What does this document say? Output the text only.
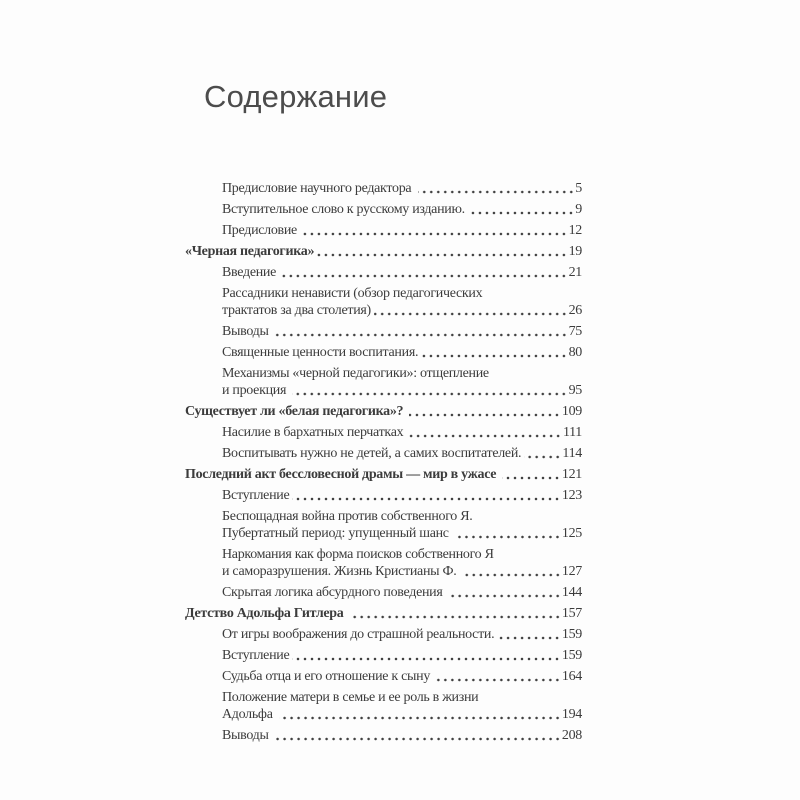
Содержание
Предисловие научного редактора	5
Вступительное слово к русскому изданию.	9
Предисловие	12
«Черная педагогика»	19
Введение	21
Рассадники ненависти (обзор педагогических
трактатов за два столетия)	26
Выводы	75
Священные ценности воспитания.	80
Механизмы «черной педагогики»: отщепление
и проекция	95
Существует ли «белая педагогика»?	109
Насилие в бархатных перчатках	111
Воспитывать нужно не детей, а самих воспитателей.	114
Последний акт бессловесной драмы — мир в ужасе	121
Вступление	123
Беспощадная война против собственного Я.
Пубертатный период: упущенный шанс	125
Наркомания как форма поисков собственного Я
и саморазрушения. Жизнь Кристианы Ф.	127
Скрытая логика абсурдного поведения	144
Детство Адольфа Гитлера	157
От игры воображения до страшной реальности.	159
Вступление	159
Судьба отца и его отношение к сыну	164
Положение матери в семье и ее роль в жизни
Адольфа	194
Выводы	208
